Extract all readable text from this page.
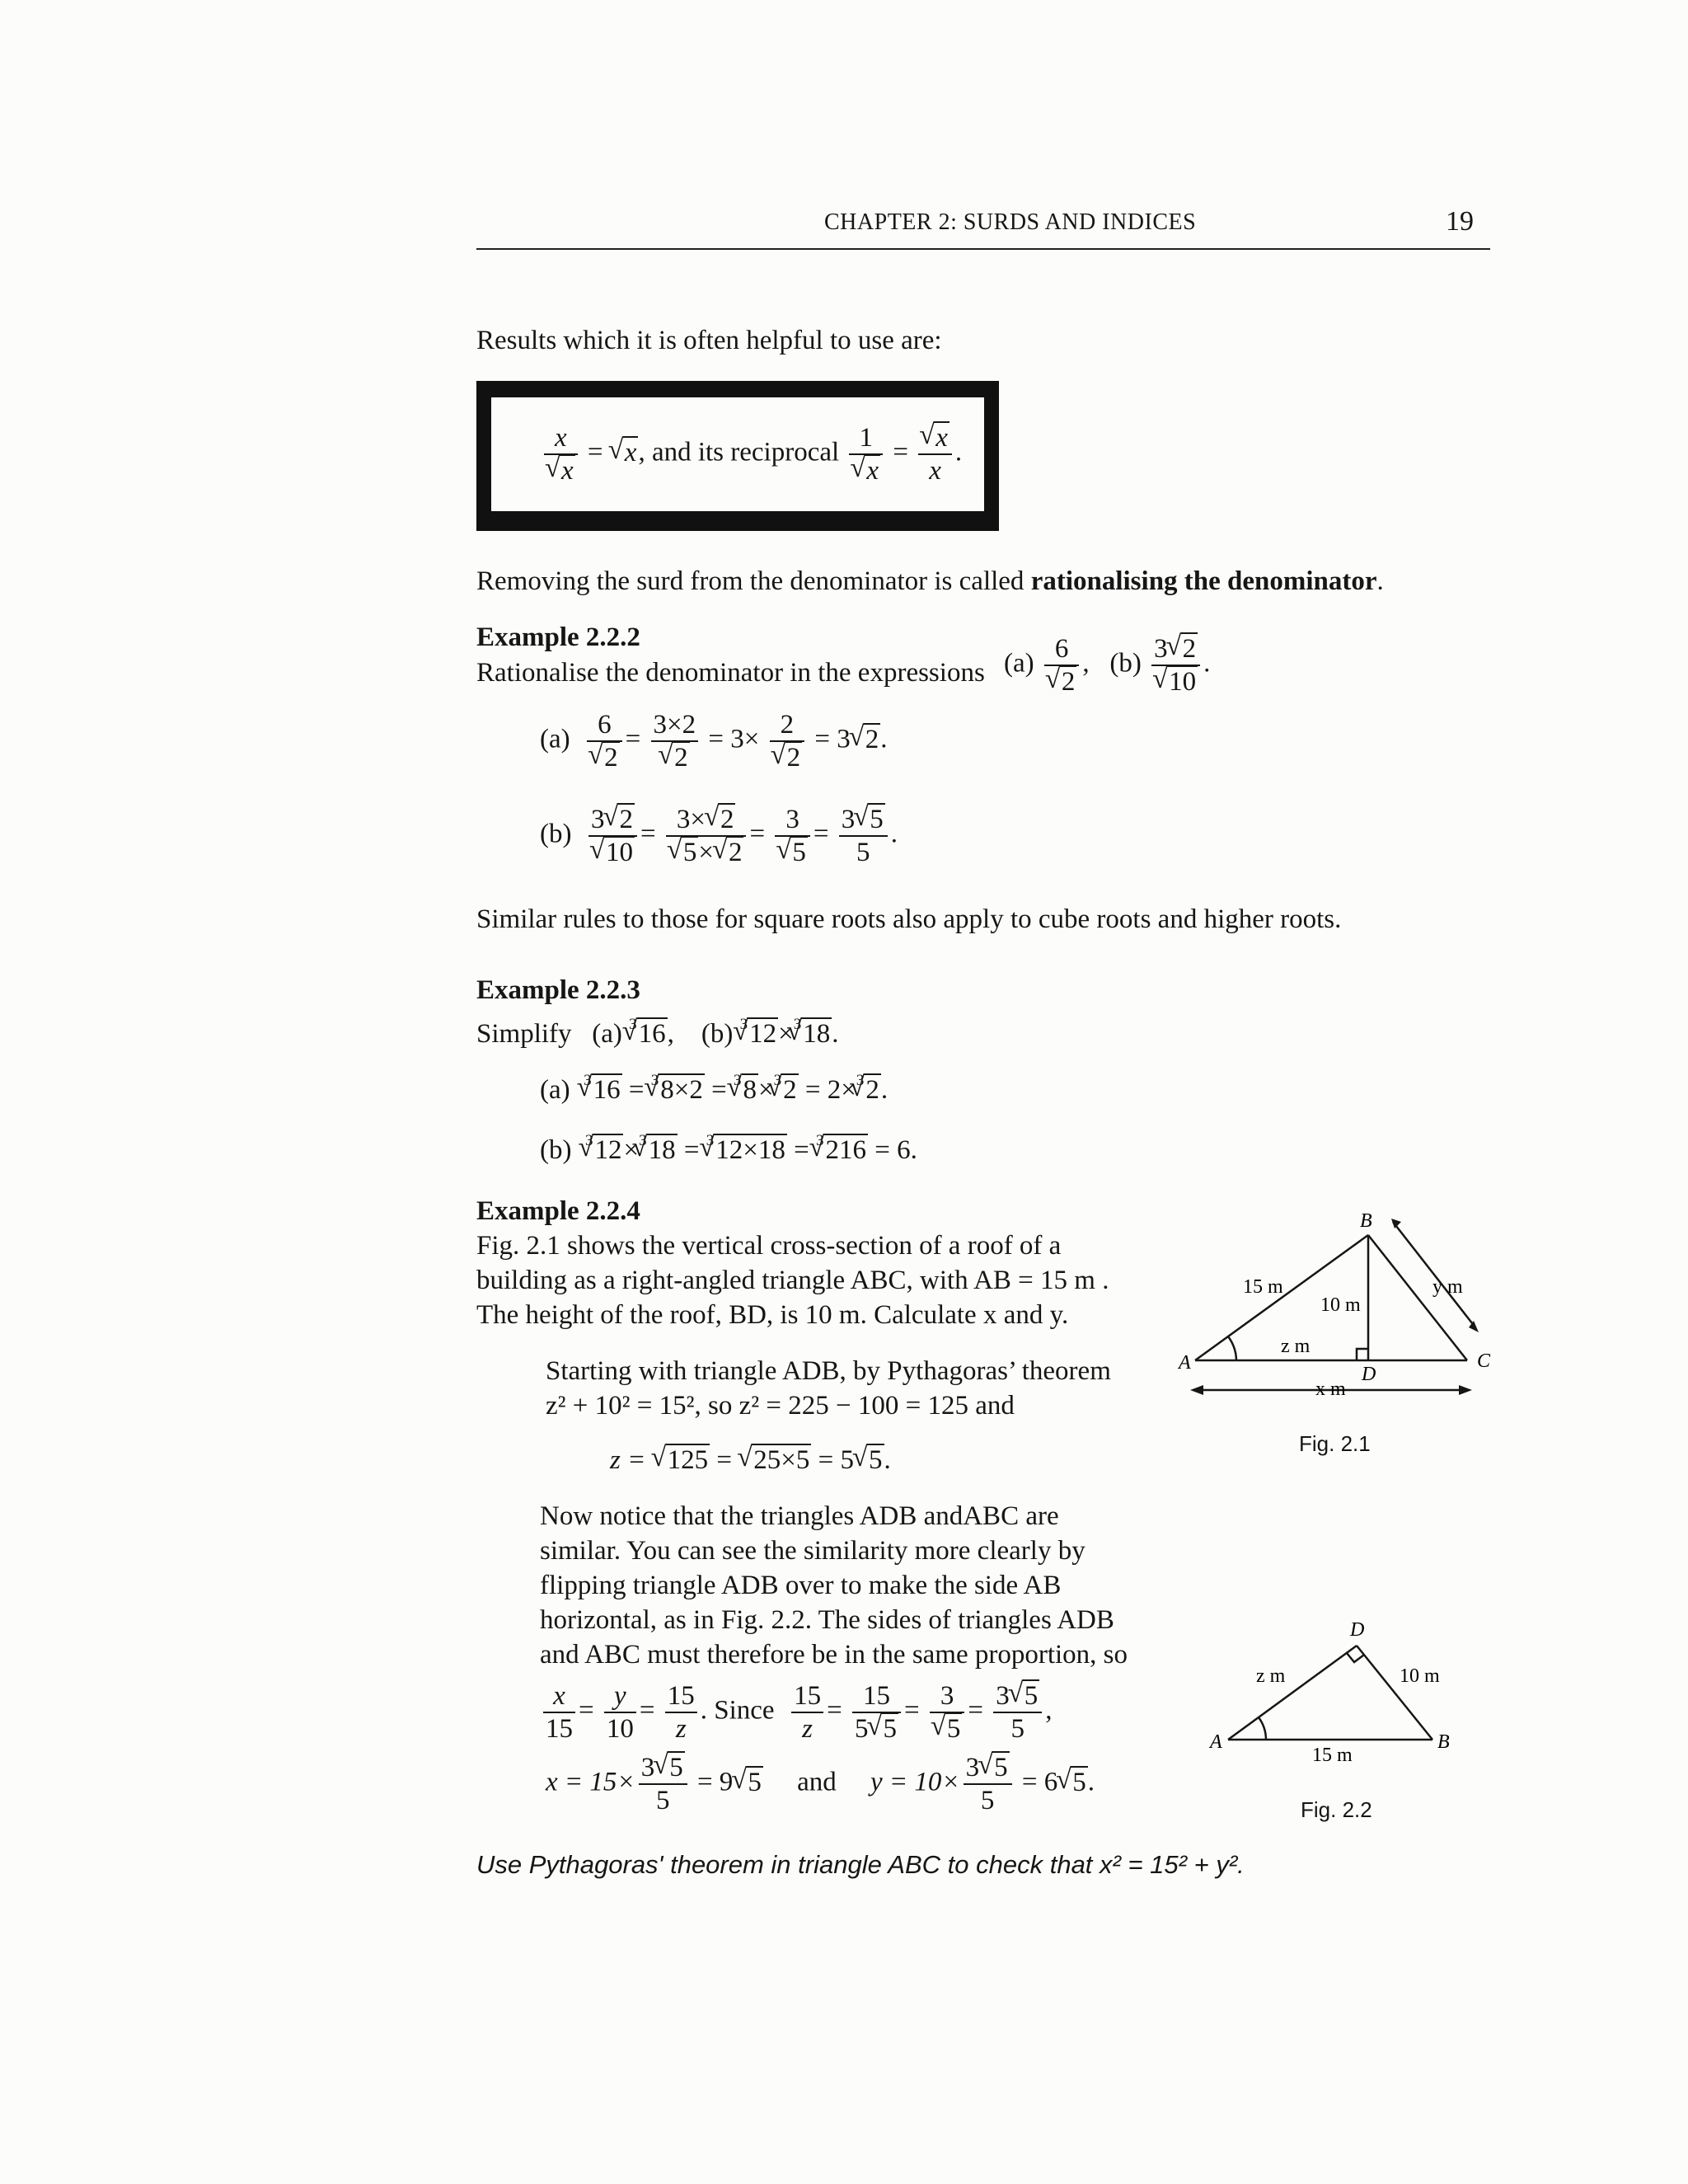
CHAPTER 2: SURDS AND INDICES	19
Results which it is often helpful to use are:
x
√ x = √ x, and its reciprocal 1
√ x =
√ $\frac{x}{x}$ .
Removing the surd from the denominator is called rationalising the denominator.
Example 2.2.2
Rationalise the denominator in the expressions (a) 6
√ 2 ,   (b) 3√ 2
√ 10 .
(a) 6
√ 2 = 3×2
√ 2 = 3× 2
√ 2 = 3√ 2.
(b) 3√ 2
√ 10 = 3×√ 2
√ 5×√ 2 = 3
√ $5 = \frac{3√ 5}{5}$ .
Similar rules to those for square roots also apply to cube roots and higher roots.
Example 2.2.3
Simplify (a) $^3$√ 16, (b) $^3$√ 12×$^3$√ 18.
(a) $^3$√ 16 = $^3$√ 8×2 = $^3$√ 8×$^3$√ 2 = 2×$^3$√ 2.
(b) $^3$√ 12×$^3$√ 18 = $^3$√ 12×18 = $^3$√ 216 = 6.
Example 2.2.4
Fig. 2.1 shows the vertical cross-section of a roof of a
building as a right-angled triangle ABC, with AB = 15 m .
The height of the roof, BD, is 10 m. Calculate x and y.
Starting with triangle ADB, by Pythagoras’ theorem
z² + 10² = 15², so z² = 225 − 100 = 125 and
z = √ 125 = √ 25×5 = 5√ 5.
Now notice that the triangles ADB andABC are
similar. You can see the similarity more clearly by
flipping triangle ADB over to make the side AB
horizontal, as in Fig. 2.2. The sides of triangles ADB
and ABC must therefore be in the same proportion, so
$\frac{x}{15} = \frac{y}{10} = \frac{15}{z}$ . Since $\frac{15}{z} = \frac{15}{5√ 5} = 3$
√ $5 = \frac{3√ 5}{5}$ ,
$x = 15\times \frac{3√ 5}{5} = 9√$ 5 and $y = 10\times \frac{3√ 5}{5} = 6√$ 5.
Use Pythagoras' theorem in triangle ABC to check that x² = 15² + y².
A
B
C
D
15 m
10 m
y m
z m
x m
Fig. 2.1
A
D
B
z m	10 m
15 m
Fig. 2.2
